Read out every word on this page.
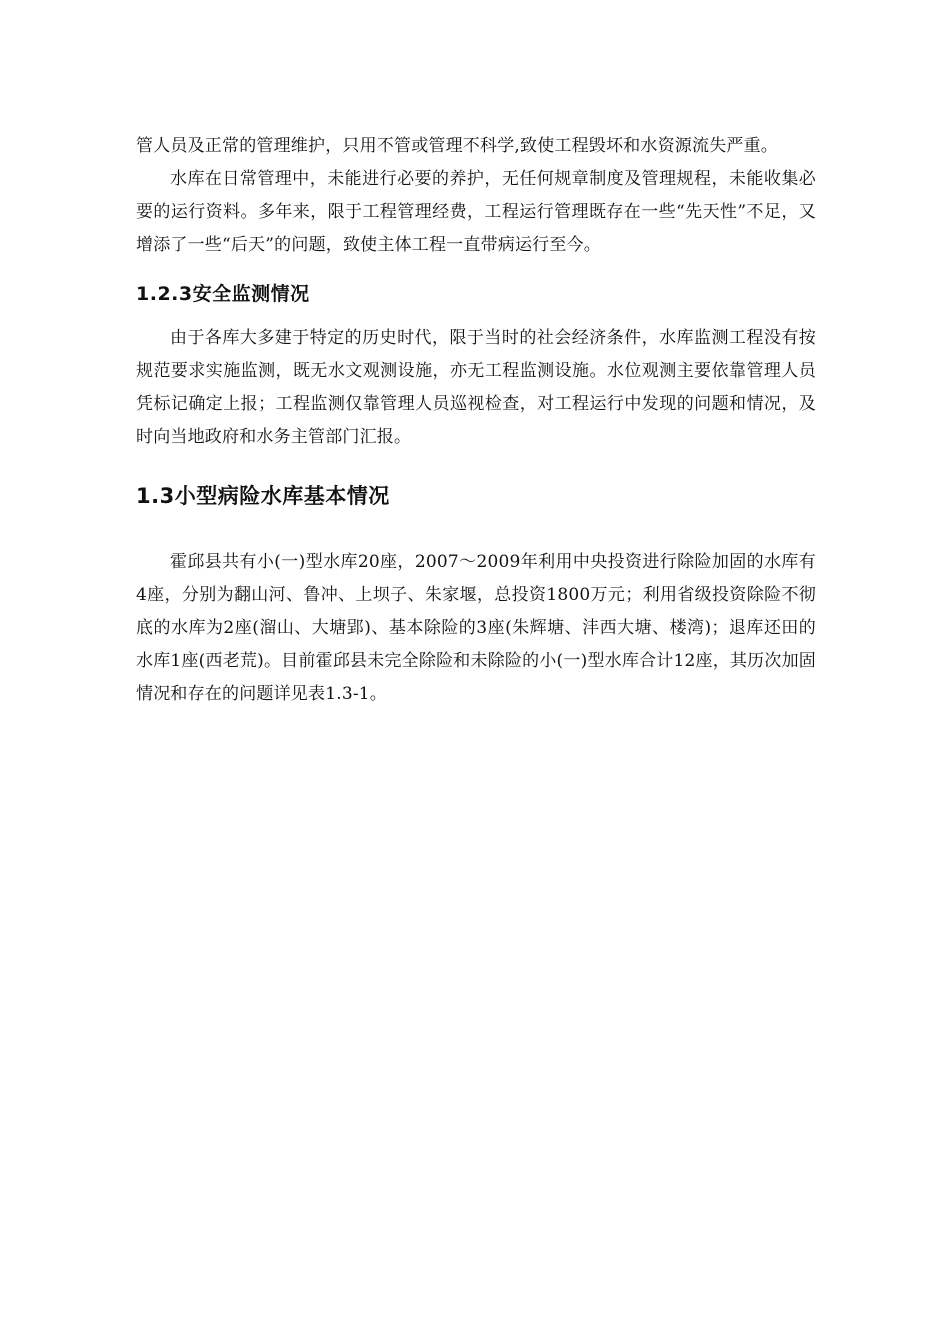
管人员及正常的管理维护，只用不管或管理不科学,致使工程毁坏和水资源流失严重。

水库在日常管理中，未能进行必要的养护，无任何规章制度及管理规程，未能收集必要的运行资料。多年来，限于工程管理经费，工程运行管理既存在一些“先天性”不足，又增添了一些“后天”的问题，致使主体工程一直带病运行至今。

1.2.3安全监测情况

由于各库大多建于特定的历史时代，限于当时的社会经济条件，水库监测工程没有按规范要求实施监测，既无水文观测设施，亦无工程监测设施。水位观测主要依靠管理人员凭标记确定上报；工程监测仅靠管理人员巡视检查，对工程运行中发现的问题和情况，及时向当地政府和水务主管部门汇报。

1.3小型病险水库基本情况

霍邱县共有小(一)型水库20座，2007～2009年利用中央投资进行除险加固的水库有4座，分别为翻山河、鲁冲、上坝子、朱家堰，总投资1800万元；利用省级投资除险不彻底的水库为2座(溜山、大塘郢)、基本除险的3座(朱辉塘、沣西大塘、楼湾)；退库还田的水库1座(西老荒)。目前霍邱县未完全除险和未除险的小(一)型水库合计12座，其历次加固情况和存在的问题详见表1.3-1。
